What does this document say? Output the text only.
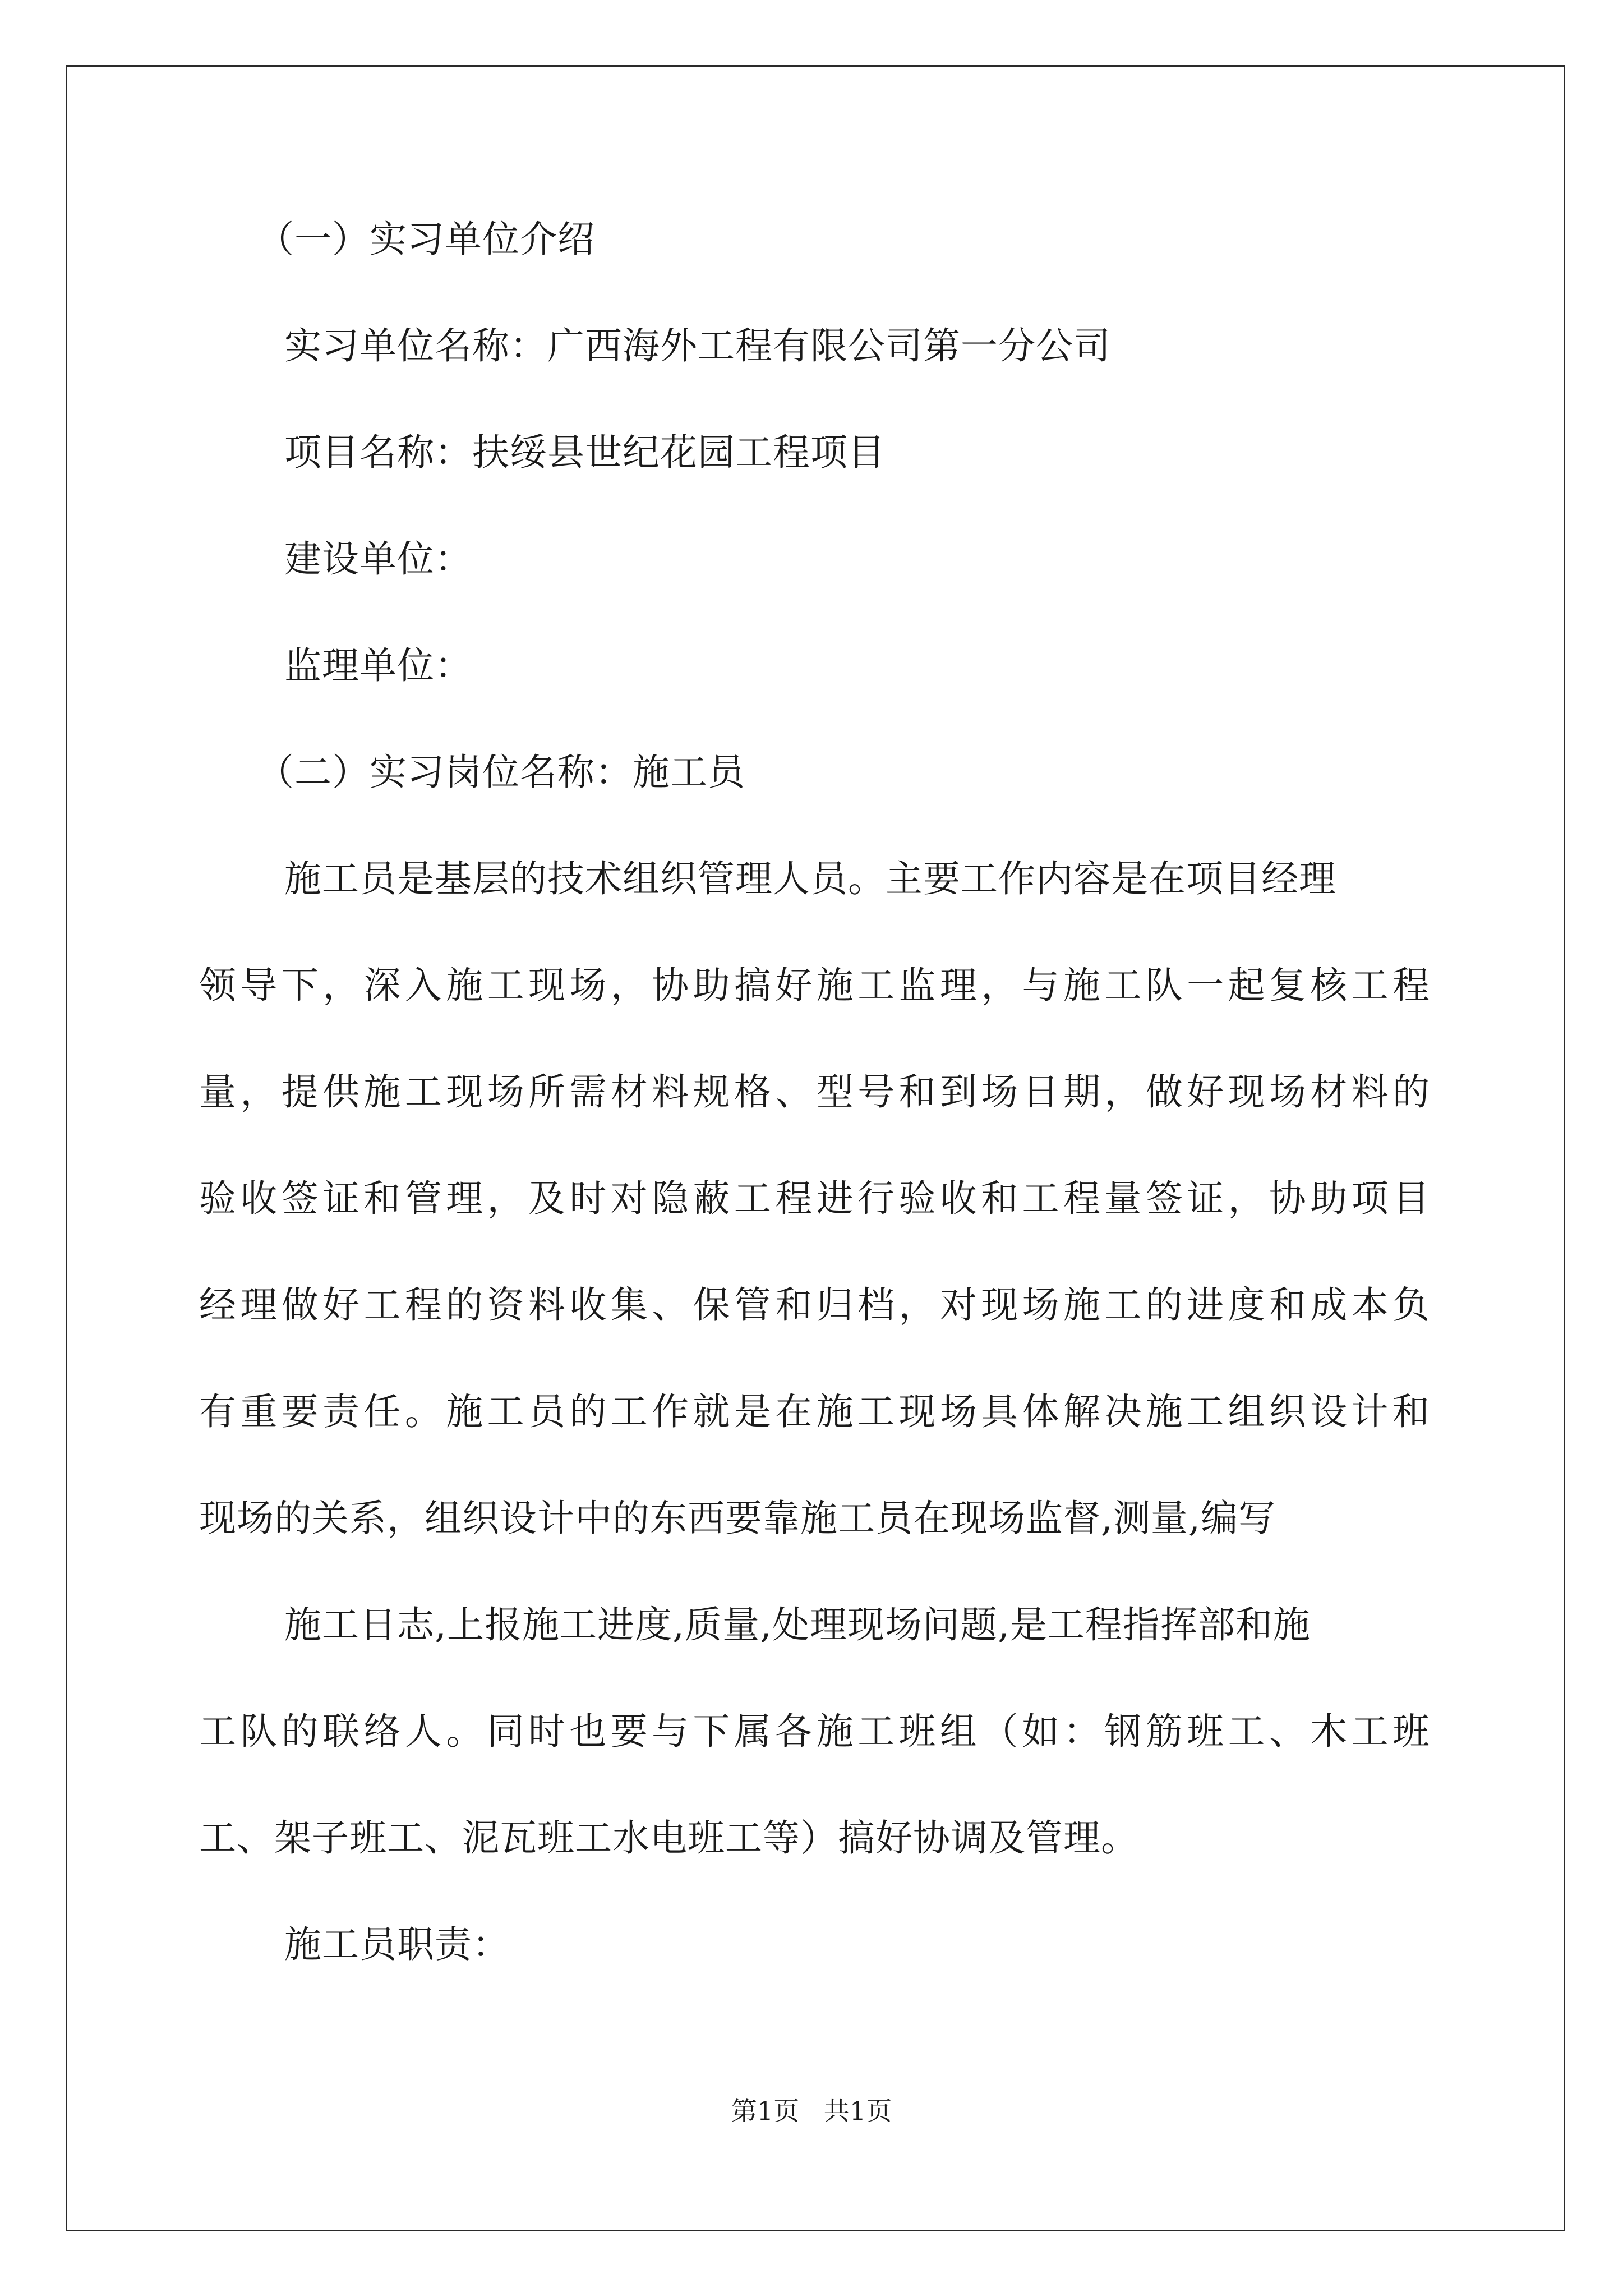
（一）实习单位介绍
实习单位名称：广西海外工程有限公司第一分公司
项目名称：扶绥县世纪花园工程项目
建设单位：
监理单位：
（二）实习岗位名称：施工员
施工员是基层的技术组织管理人员。主要工作内容是在项目经理
领导下，深入施工现场，协助搞好施工监理，与施工队一起复核工程
量，提供施工现场所需材料规格、型号和到场日期，做好现场材料的
验收签证和管理，及时对隐蔽工程进行验收和工程量签证，协助项目
经理做好工程的资料收集、保管和归档，对现场施工的进度和成本负
有重要责任。施工员的工作就是在施工现场具体解决施工组织设计和
现场的关系，组织设计中的东西要靠施工员在现场监督,测量,编写
施工日志,上报施工进度,质量,处理现场问题,是工程指挥部和施
工队的联络人。同时也要与下属各施工班组（如：钢筋班工、木工班
工、架子班工、泥瓦班工水电班工等）搞好协调及管理。
施工员职责：
第1页   共1页
